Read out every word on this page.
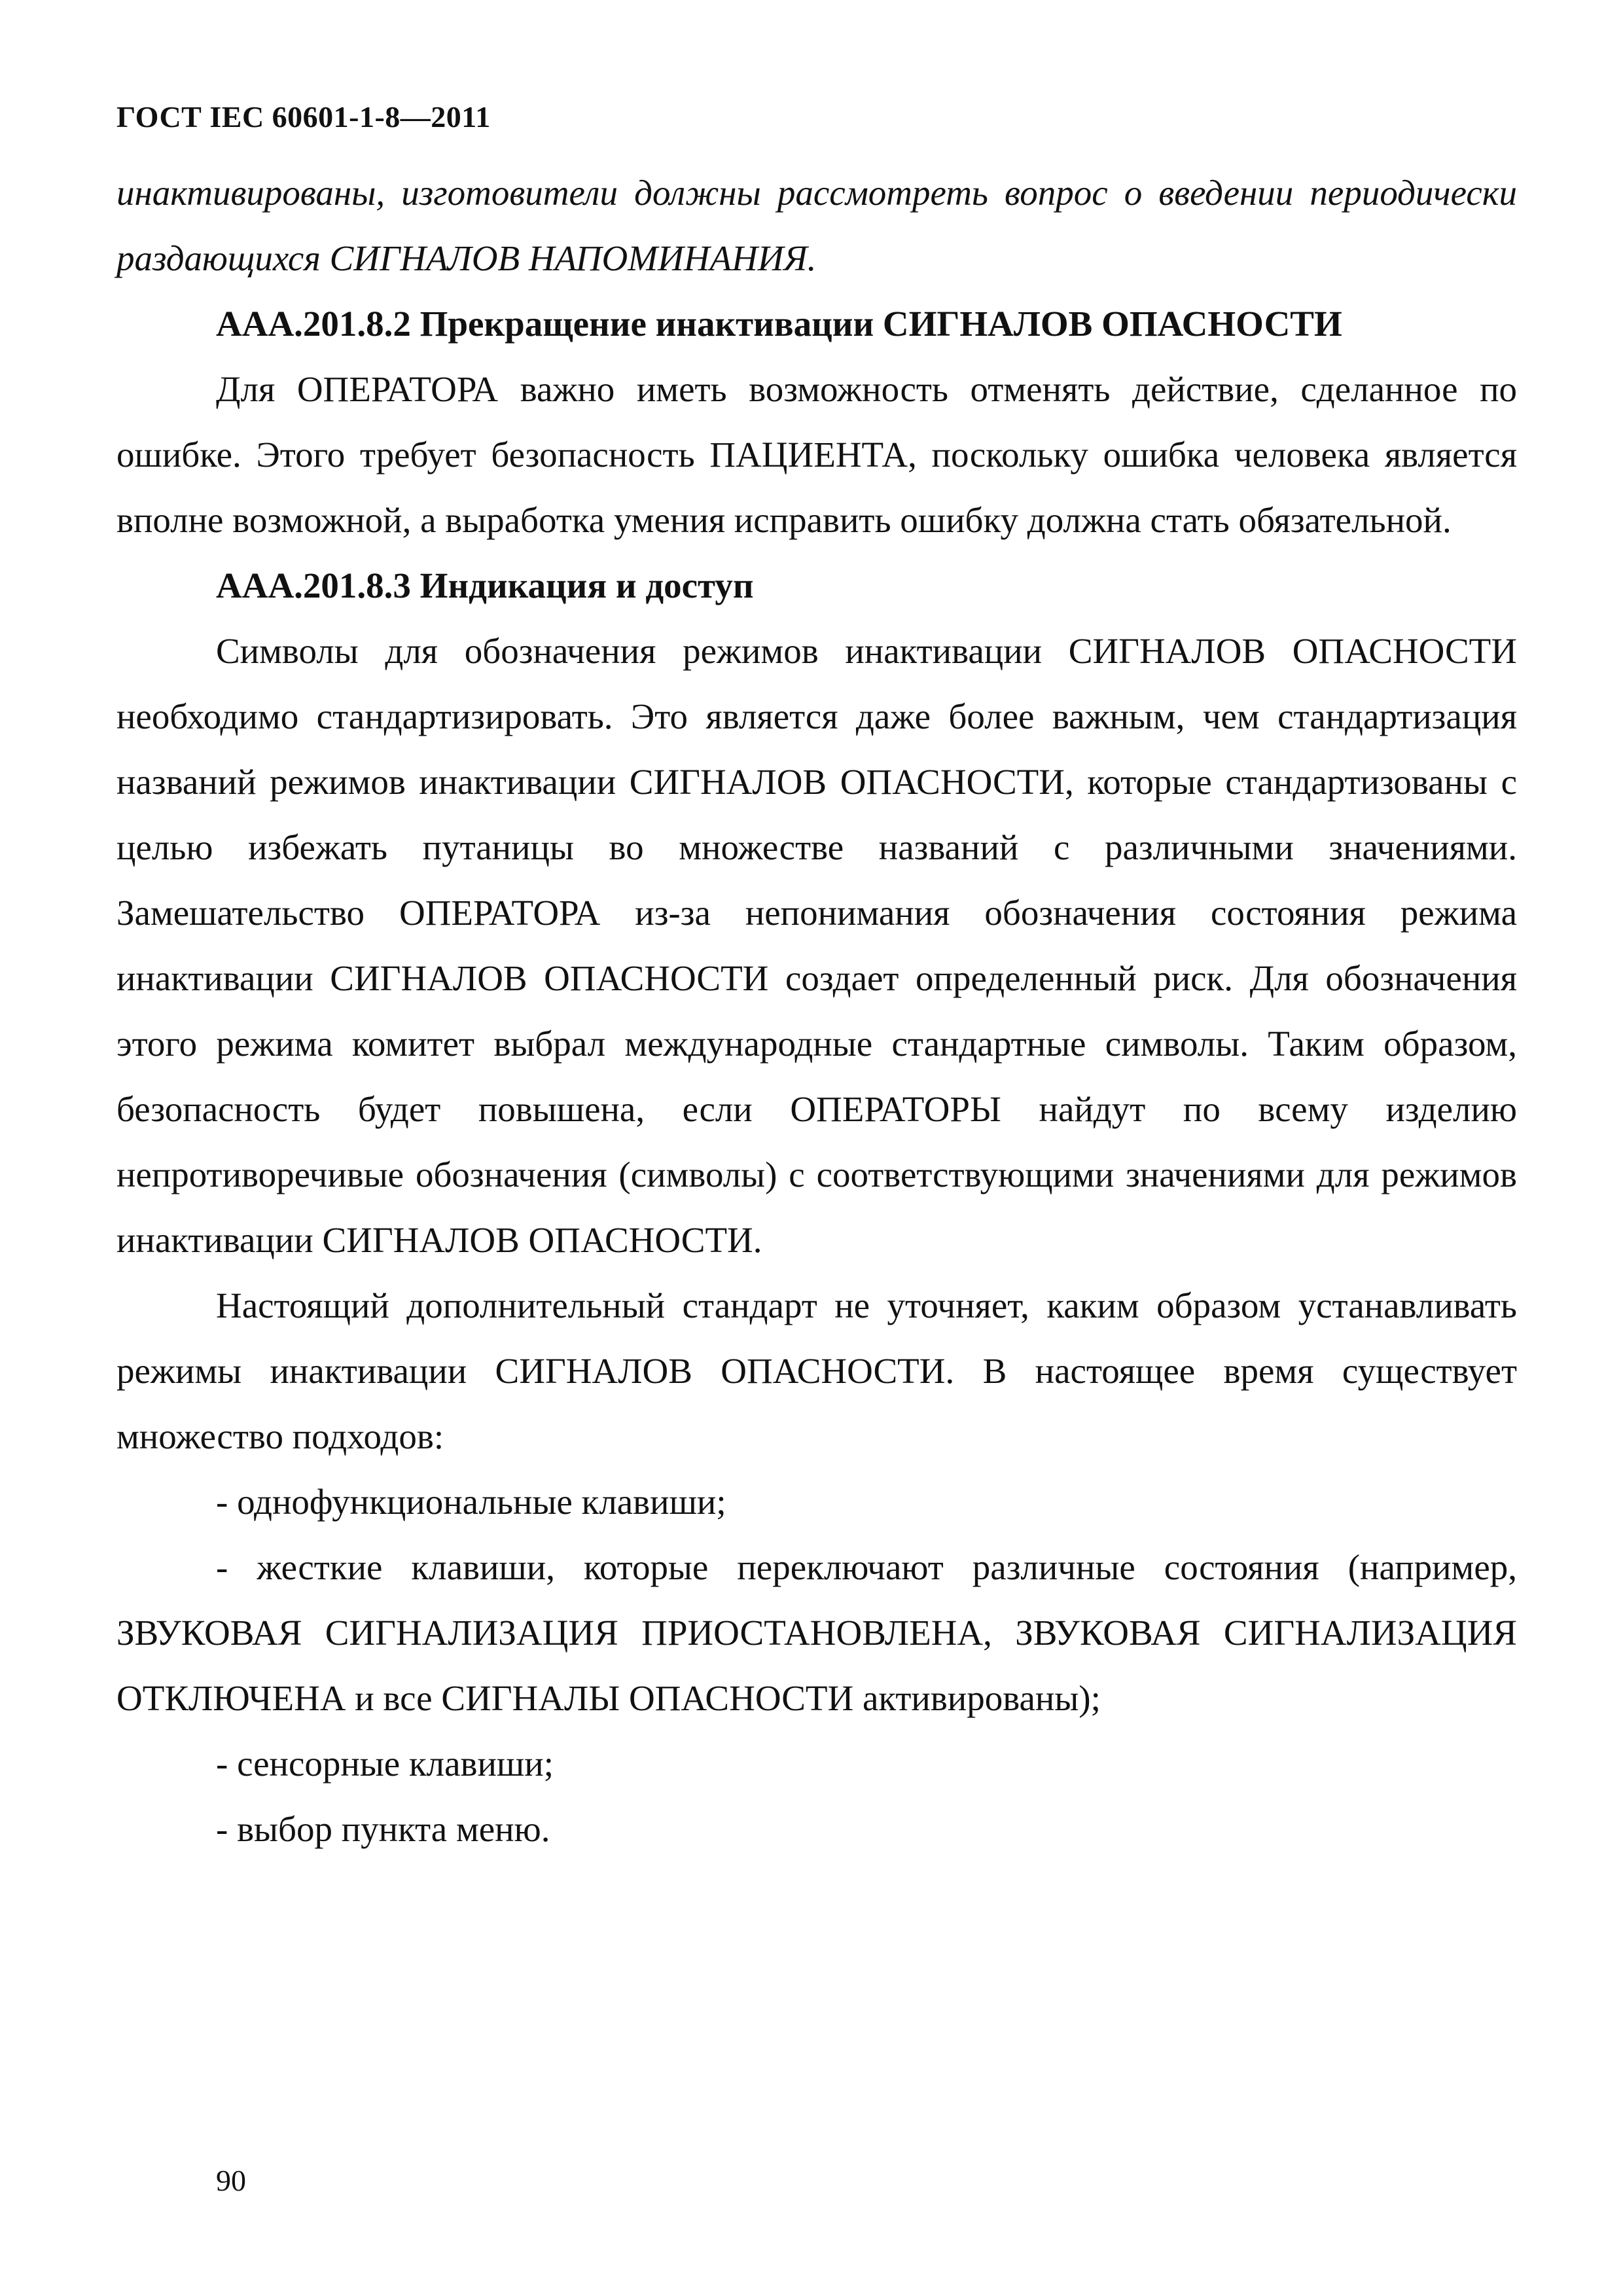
ГОСТ IEC 60601-1-8—2011

инактивированы, изготовители должны рассмотреть вопрос о введении периодически раздающихся СИГНАЛОВ НАПОМИНАНИЯ.

ААА.201.8.2 Прекращение инактивации СИГНАЛОВ ОПАСНОСТИ

Для ОПЕРАТОРА важно иметь возможность отменять действие, сделанное по ошибке. Этого требует безопасность ПАЦИЕНТА, поскольку ошибка человека является вполне возможной, а выработка умения исправить ошибку должна стать обязательной.

ААА.201.8.3 Индикация и доступ

Символы для обозначения режимов инактивации СИГНАЛОВ ОПАСНОСТИ необходимо стандартизировать. Это является даже более важным, чем стандартизация названий режимов инактивации СИГНАЛОВ ОПАСНОСТИ, которые стандартизованы с целью избежать путаницы во множестве названий с различными значениями. Замешательство ОПЕРАТОРА из-за непонимания обозначения состояния режима инактивации СИГНАЛОВ ОПАСНОСТИ создает определенный риск. Для обозначения этого режима комитет выбрал международные стандартные символы. Таким образом, безопасность будет повышена, если ОПЕРАТОРЫ найдут по всему изделию непротиворечивые обозначения (символы) с соответствующими значениями для режимов инактивации СИГНАЛОВ ОПАСНОСТИ.

Настоящий дополнительный стандарт не уточняет, каким образом устанавливать режимы инактивации СИГНАЛОВ ОПАСНОСТИ. В настоящее время существует множество подходов:

- однофункциональные клавиши;

- жесткие клавиши, которые переключают различные состояния (например, ЗВУКОВАЯ СИГНАЛИЗАЦИЯ ПРИОСТАНОВЛЕНА, ЗВУКОВАЯ СИГНАЛИЗАЦИЯ ОТКЛЮЧЕНА и все СИГНАЛЫ ОПАСНОСТИ активированы);

- сенсорные клавиши;

- выбор пункта меню.

90
